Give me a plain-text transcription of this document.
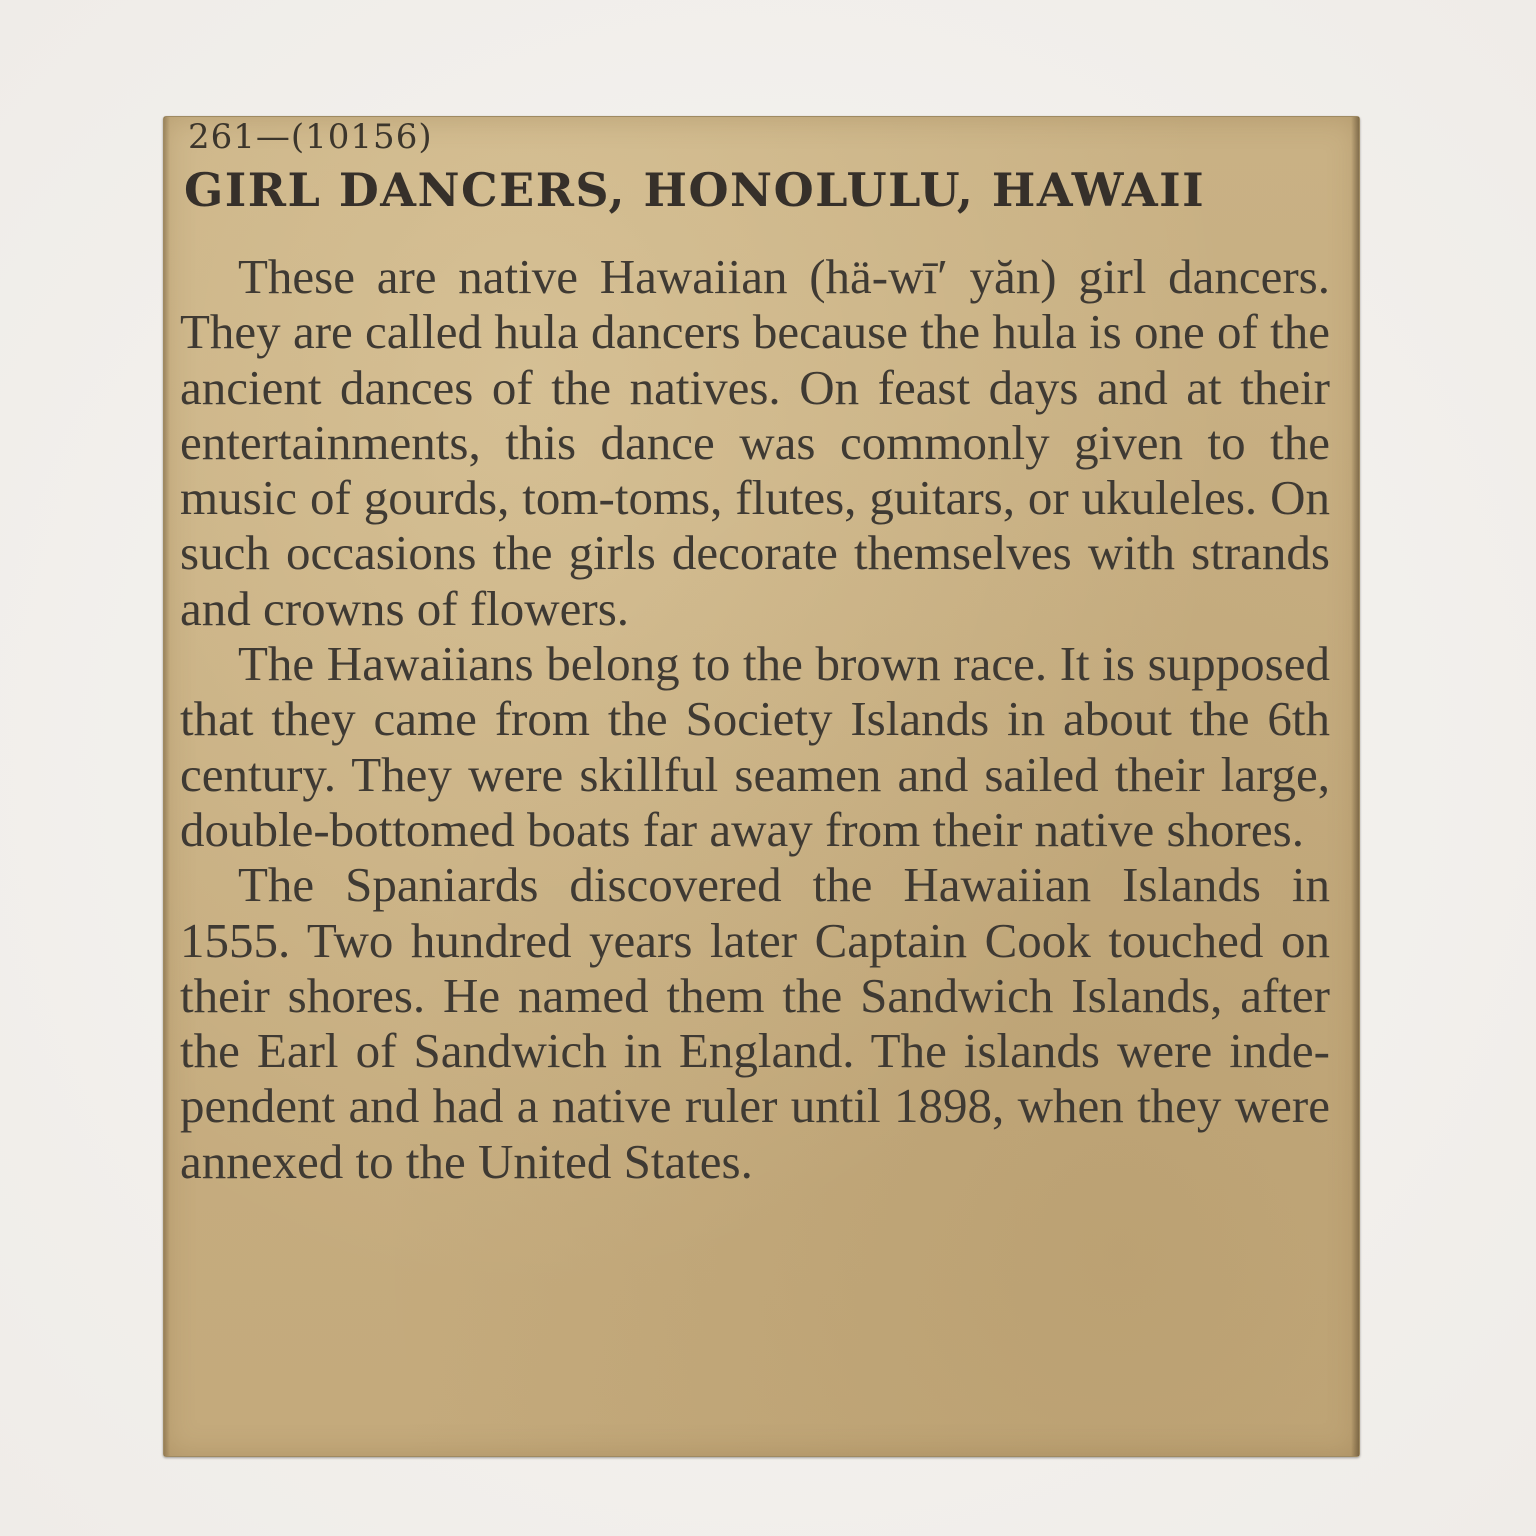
261—(10156)
GIRL DANCERS, HONOLULU, HAWAII

These are native Hawaiian (hä-wī′ yăn) girl dancers. They are called hula dancers because the hula is one of the ancient dances of the natives. On feast days and at their entertainments, this dance was commonly given to the music of gourds, tom-toms, flutes, guitars, or ukuleles. On such occasions the girls decorate themselves with strands and crowns of flowers.

The Hawaiians belong to the brown race. It is supposed that they came from the Society Islands in about the 6th century. They were skillful seamen and sailed their large, double-bottomed boats far away from their native shores.

The Spaniards discovered the Hawaiian Islands in 1555. Two hundred years later Captain Cook touched on their shores. He named them the Sandwich Islands, after the Earl of Sandwich in England. The islands were independent and had a native ruler until 1898, when they were annexed to the United States.
